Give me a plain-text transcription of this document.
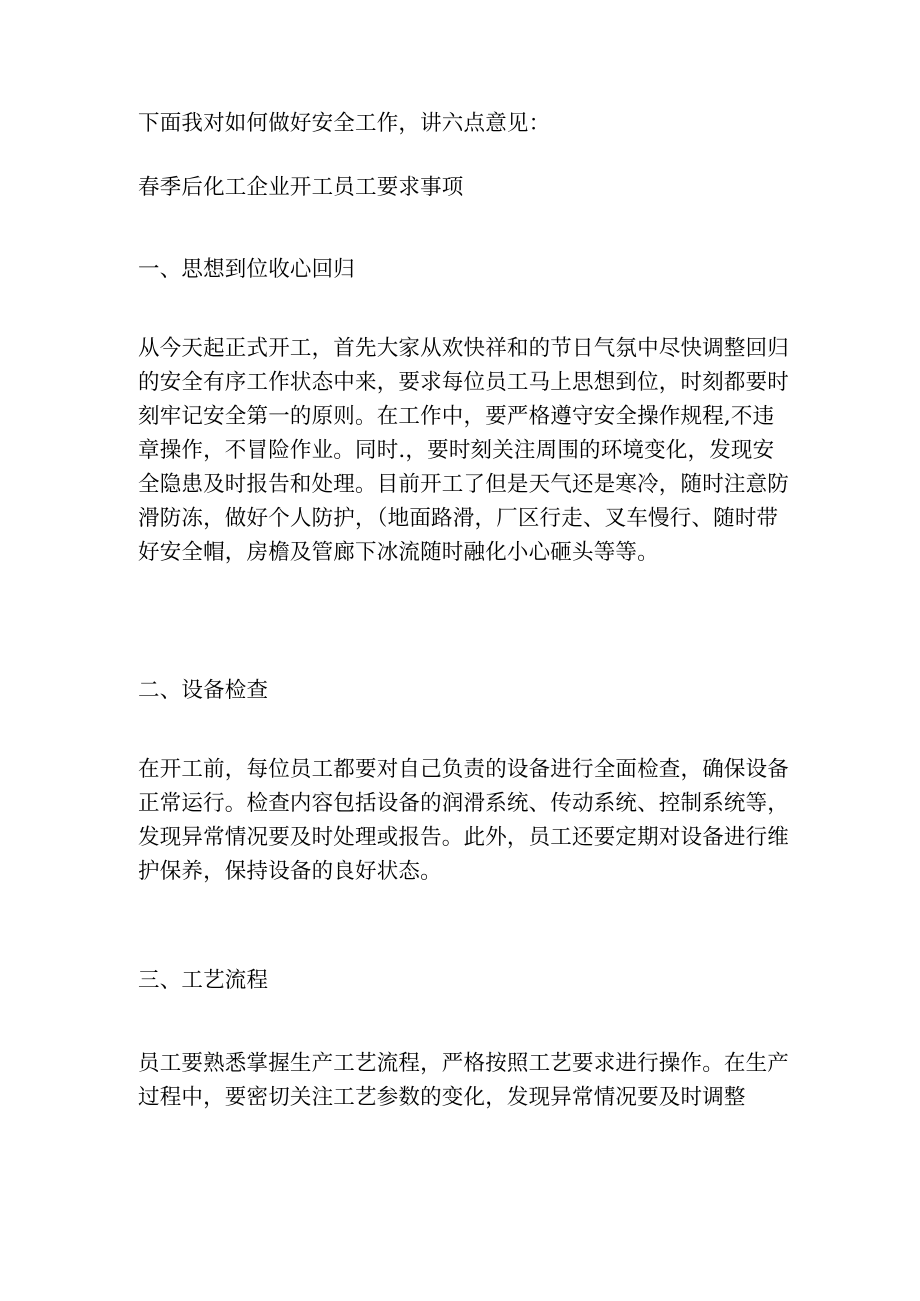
下面我对如何做好安全工作，讲六点意见：

春季后化工企业开工员工要求事项

一、思想到位收心回归

从今天起正式开工，首先大家从欢快祥和的节日气氛中尽快调整回归
的安全有序工作状态中来，要求每位员工马上思想到位，时刻都要时
刻牢记安全第一的原则。在工作中，要严格遵守安全操作规程,不违
章操作，不冒险作业。同时.，要时刻关注周围的环境变化，发现安
全隐患及时报告和处理。目前开工了但是天气还是寒冷，随时注意防
滑防冻，做好个人防护，（地面路滑，厂区行走、叉车慢行、随时带
好安全帽，房檐及管廊下冰流随时融化小心砸头等等。

二、设备检查

在开工前，每位员工都要对自己负责的设备进行全面检查，确保设备
正常运行。检查内容包括设备的润滑系统、传动系统、控制系统等，
发现异常情况要及时处理或报告。此外，员工还要定期对设备进行维
护保养，保持设备的良好状态。

三、工艺流程

员工要熟悉掌握生产工艺流程，严格按照工艺要求进行操作。在生产
过程中，要密切关注工艺参数的变化，发现异常情况要及时调整
